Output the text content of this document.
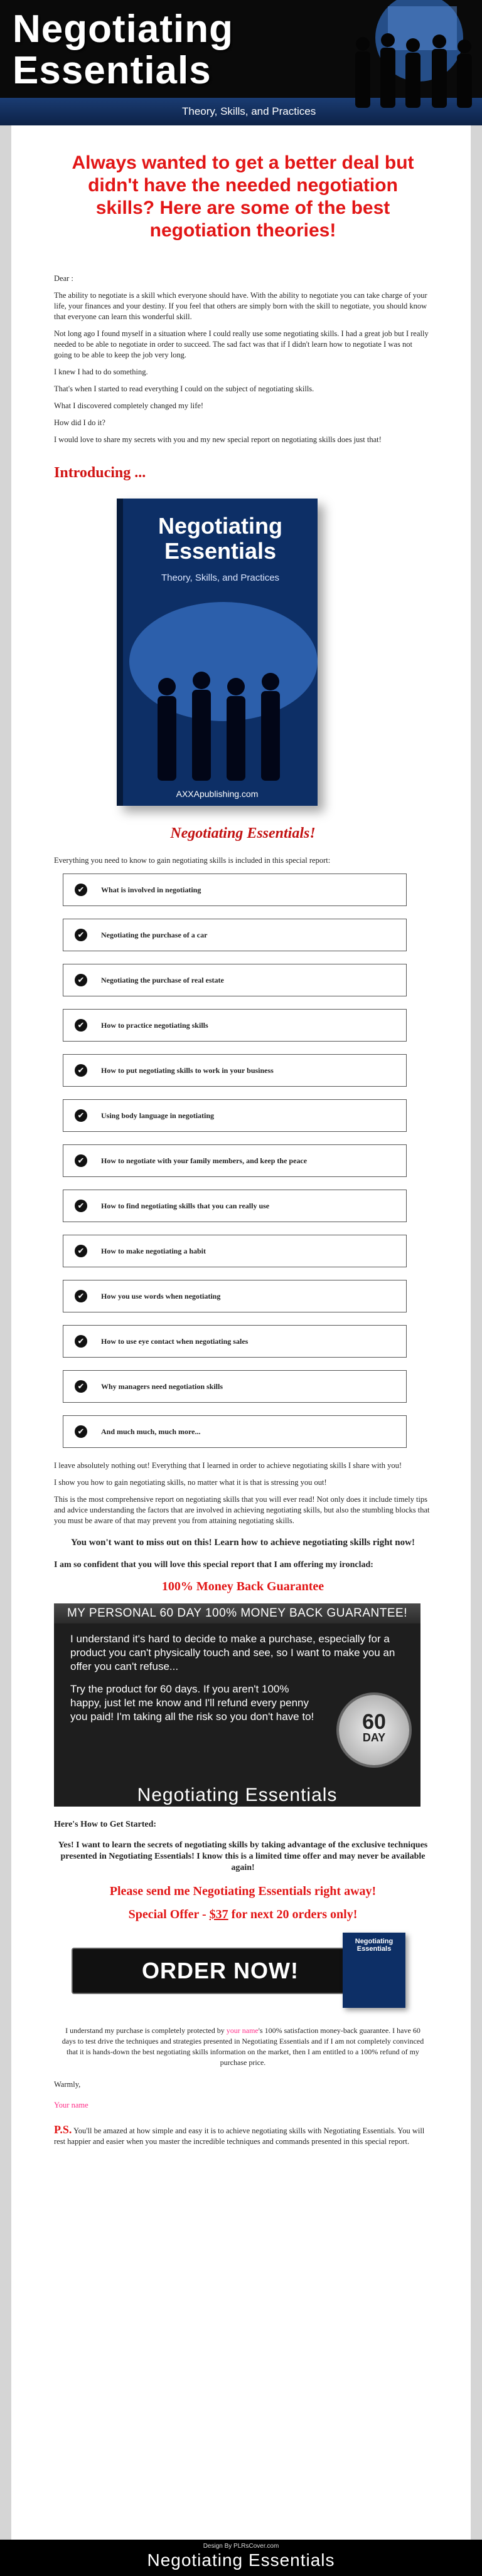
Negotiating
Essentials
Theory, Skills, and Practices
Always wanted to get a better deal but didn't have the needed negotiation skills? Here are some of the best negotiation theories!

Dear :

The ability to negotiate is a skill which everyone should have. With the ability to negotiate you can take charge of your life, your finances and your destiny. If you feel that others are simply born with the skill to negotiate, you should know that everyone can learn this wonderful skill.

Not long ago I found myself in a situation where I could really use some negotiating skills. I had a great job but I really needed to be able to negotiate in order to succeed. The sad fact was that if I didn't learn how to negotiate I was not going to be able to keep the job very long.

I knew I had to do something.

That's when I started to read everything I could on the subject of negotiating skills.

What I discovered completely changed my life!

How did I do it?

I would love to share my secrets with you and my new special report on negotiating skills does just that!

Introducing ...
Negotiating
Essentials
Theory, Skills, and Practices
AXXApublishing.com
Negotiating Essentials!

Everything you need to know to gain negotiating skills is included in this special report:

✔	What is involved in negotiating
✔	Negotiating the purchase of a car
✔	Negotiating the purchase of real estate
✔	How to practice negotiating skills
✔	How to put negotiating skills to work in your business
✔	Using body language in negotiating
✔	How to negotiate with your family members, and keep the peace
✔	How to find negotiating skills that you can really use
✔	How to make negotiating a habit
✔	How you use words when negotiating
✔	How to use eye contact when negotiating sales
✔	Why managers need negotiation skills
✔	And much much, much more...

I leave absolutely nothing out! Everything that I learned in order to achieve negotiating skills I share with you!

I show you how to gain negotiating skills, no matter what it is that is stressing you out!

This is the most comprehensive report on negotiating skills that you will ever read! Not only does it include timely tips and advice understanding the factors that are involved in achieving negotiating skills, but also the stumbling blocks that you must be aware of that may prevent you from attaining negotiating skills.

You won't want to miss out on this! Learn how to achieve negotiating skills right now!
I am so confident that you will love this special report that I am offering my ironclad:
100% Money Back Guarantee
MY PERSONAL 60 DAY 100% MONEY BACK GUARANTEE!

I understand it's hard to decide to make a purchase, especially for a product you can't physically touch and see, so I want to make you an offer you can't refuse...

Try the product for 60 days. If you aren't 100% happy, just let me know and I'll refund every penny you paid! I'm taking all the risk so you don't have to!	60
DAY
Negotiating Essentials
Here's How to Get Started:
Yes! I want to learn the secrets of negotiating skills by taking advantage of the exclusive techniques presented in Negotiating Essentials! I know this is a limited time offer and may never be available again!
Please send me Negotiating Essentials right away!
Special Offer - $37 for next 20 orders only!
ORDER NOW!
Negotiating Essentials
I understand my purchase is completely protected by your name's 100% satisfaction money-back guarantee. I have 60 days to test drive the techniques and strategies presented in Negotiating Essentials and if I am not completely convinced that it is hands-down the best negotiating skills information on the market, then I am entitled to a 100% refund of my purchase price.

Warmly,

Your name

P.S. You'll be amazed at how simple and easy it is to achieve negotiating skills with Negotiating Essentials. You will rest happier and easier when you master the incredible techniques and commands presented in this special report.

Design By PLRsCover.com
Negotiating Essentials
